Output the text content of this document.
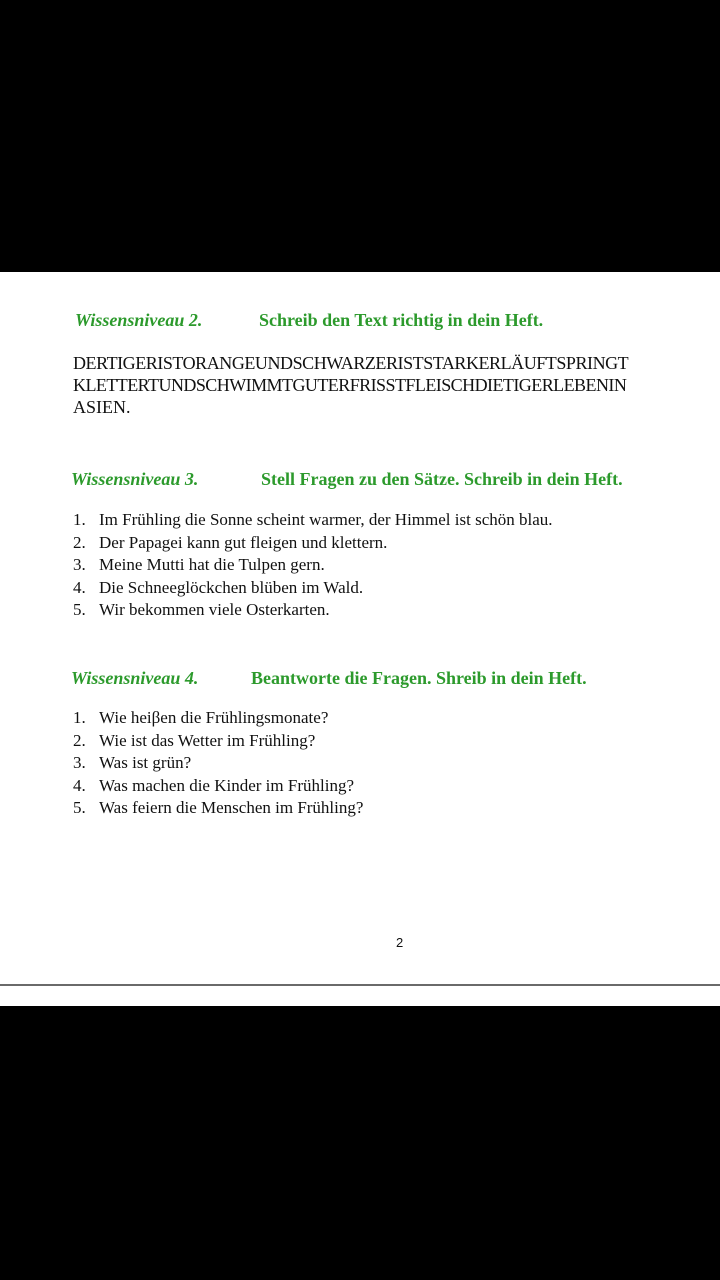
Wissensniveau 2.	Schreib den Text richtig in dein Heft.
DERTIGERISTORANGEUNDSCHWARZERISTSTARKERLÄUFTSPRINGT
KLETTERTUNDSCHWIMMTGUTERFRISSTFLEISCHDIETIGERLEBENIN
ASIEN.
Wissensniveau 3.	Stell Fragen zu den Sätze. Schreib in dein Heft.
1. Im Frühling die Sonne scheint warmer, der Himmel ist schön blau.
2. Der Papagei kann gut fleigen und klettern.
3. Meine Mutti hat die Tulpen gern.
4. Die Schneeglöckchen blüben im Wald.
5. Wir bekommen viele Osterkarten.
Wissensniveau 4.	Beantworte die Fragen. Shreib in dein Heft.
1. Wie heiβen die Frühlingsmonate?
2. Wie ist das Wetter im Frühling?
3. Was ist grün?
4. Was machen die Kinder im Frühling?
5. Was feiern die Menschen im Frühling?
2
